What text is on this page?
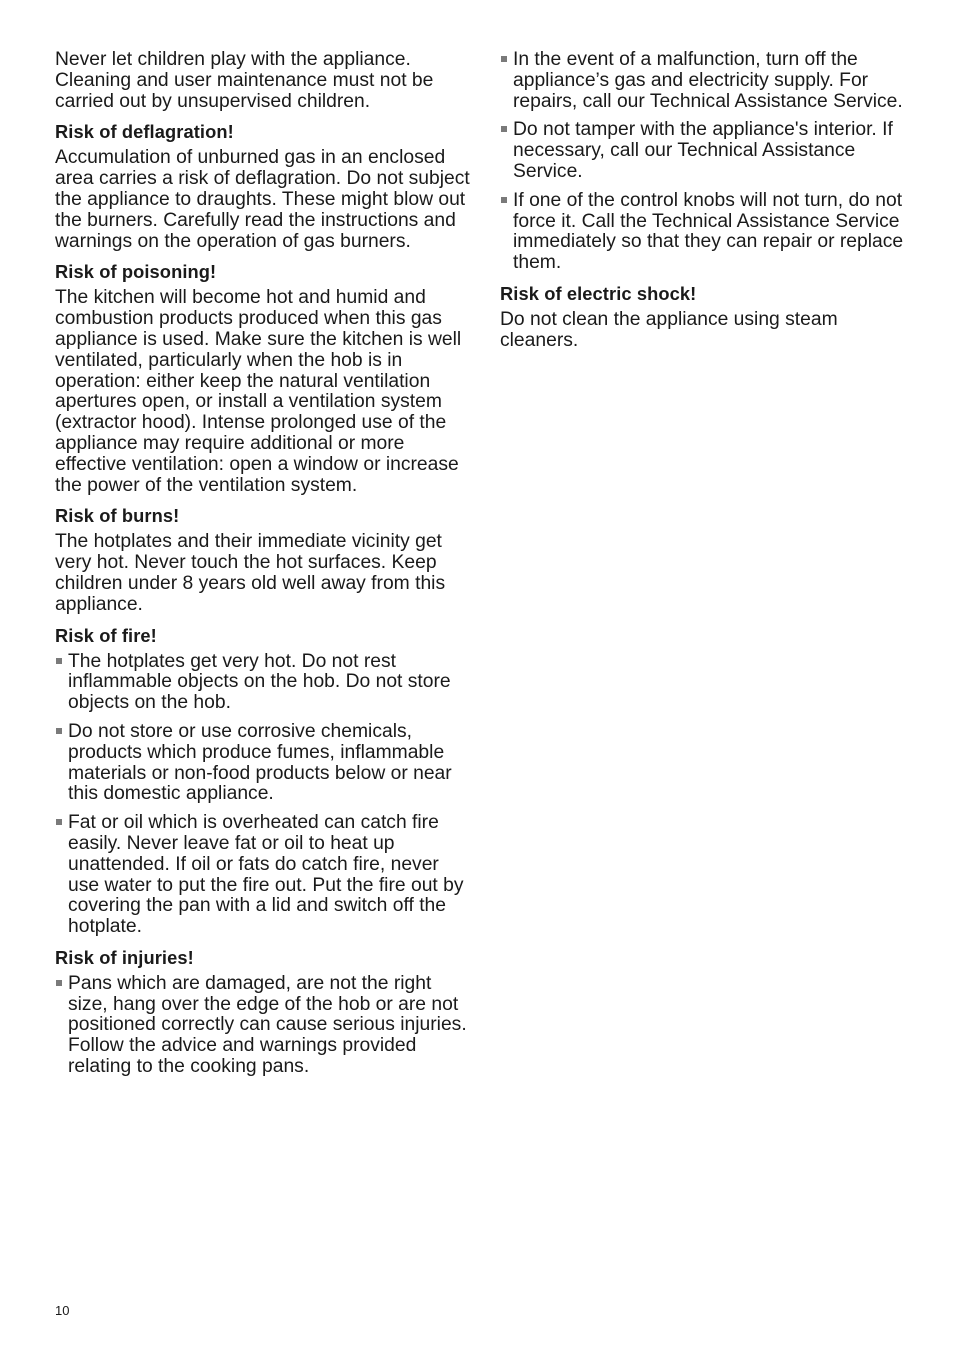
Never let children play with the appliance. Cleaning and user maintenance must not be carried out by unsupervised children.

Risk of deflagration!

Accumulation of unburned gas in an enclosed area carries a risk of deflagration. Do not subject the appliance to draughts. These might blow out the burners. Carefully read the instructions and warnings on the operation of gas burners.

Risk of poisoning!

The kitchen will become hot and humid and combustion products produced when this gas appliance is used. Make sure the kitchen is well ventilated, particularly when the hob is in operation: either keep the natural ventilation apertures open, or install a ventilation system (extractor hood). Intense prolonged use of the appliance may require additional or more effective ventilation: open a window or increase the power of the ventilation system.

Risk of burns!

The hotplates and their immediate vicinity get very hot. Never touch the hot surfaces. Keep children under 8 years old well away from this appliance.

Risk of fire!
The hotplates get very hot. Do not rest inflammable objects on the hob. Do not store objects on the hob.
Do not store or use corrosive chemicals, products which produce fumes, inflammable materials or non-food products below or near this domestic appliance.
Fat or oil which is overheated can catch fire easily. Never leave fat or oil to heat up unattended. If oil or fats do catch fire, never use water to put the fire out. Put the fire out by covering the pan with a lid and switch off the hotplate.
Risk of injuries!
Pans which are damaged, are not the right size, hang over the edge of the hob or are not positioned correctly can cause serious injuries. Follow the advice and warnings provided relating to the cooking pans.
In the event of a malfunction, turn off the appliance’s gas and electricity supply. For repairs, call our Technical Assistance Service.
Do not tamper with the appliance's interior. If necessary, call our Technical Assistance Service.
If one of the control knobs will not turn, do not force it. Call the Technical Assistance Service immediately so that they can repair or replace them.
Risk of electric shock!

Do not clean the appliance using steam cleaners.

10
